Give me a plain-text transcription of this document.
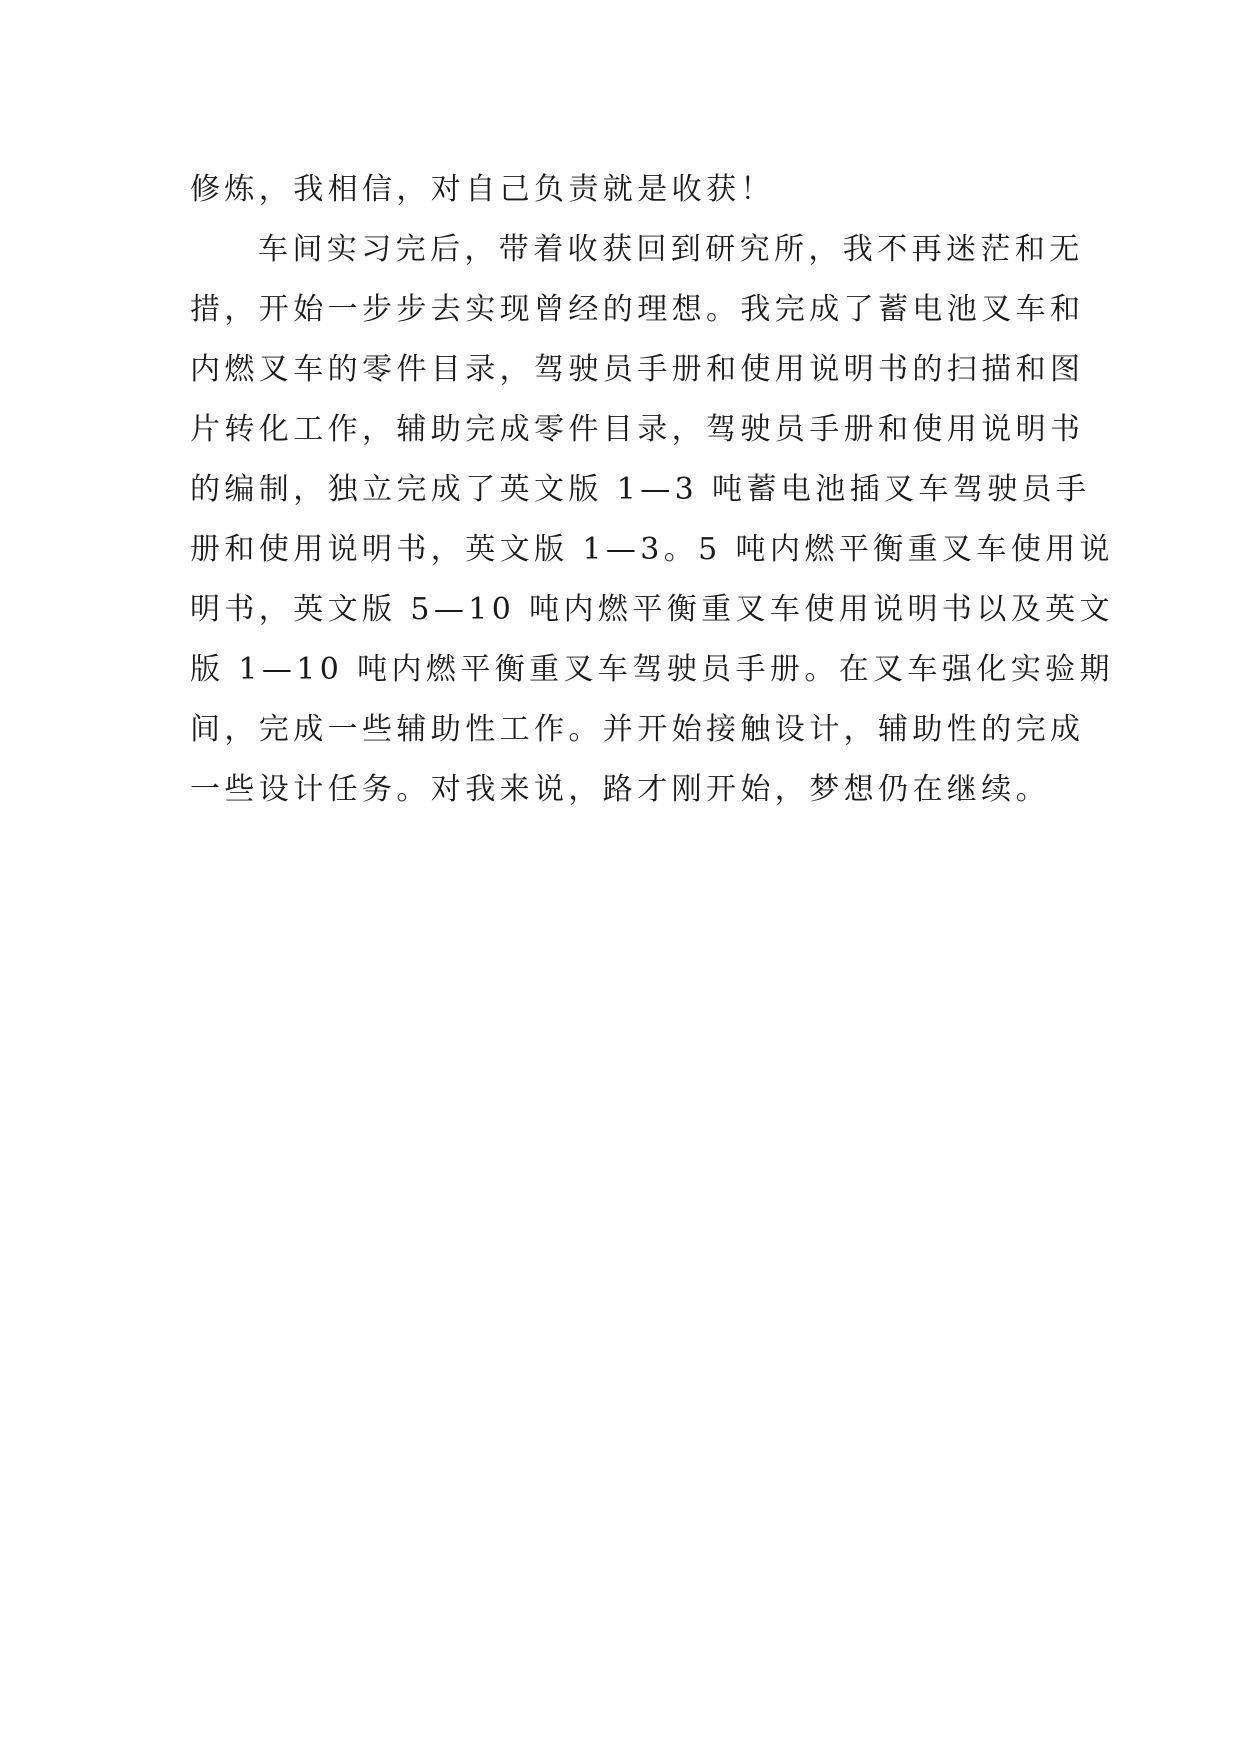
修炼，我相信，对自己负责就是收获！
车间实习完后，带着收获回到研究所，我不再迷茫和无
措，开始一步步去实现曾经的理想。我完成了蓄电池叉车和
内燃叉车的零件目录，驾驶员手册和使用说明书的扫描和图
片转化工作，辅助完成零件目录，驾驶员手册和使用说明书
的编制，独立完成了英文版 1—3 吨蓄电池插叉车驾驶员手
册和使用说明书，英文版 1—3。5 吨内燃平衡重叉车使用说
明书，英文版 5—10 吨内燃平衡重叉车使用说明书以及英文
版 1—10 吨内燃平衡重叉车驾驶员手册。在叉车强化实验期
间，完成一些辅助性工作。并开始接触设计，辅助性的完成
一些设计任务。对我来说，路才刚开始，梦想仍在继续。
